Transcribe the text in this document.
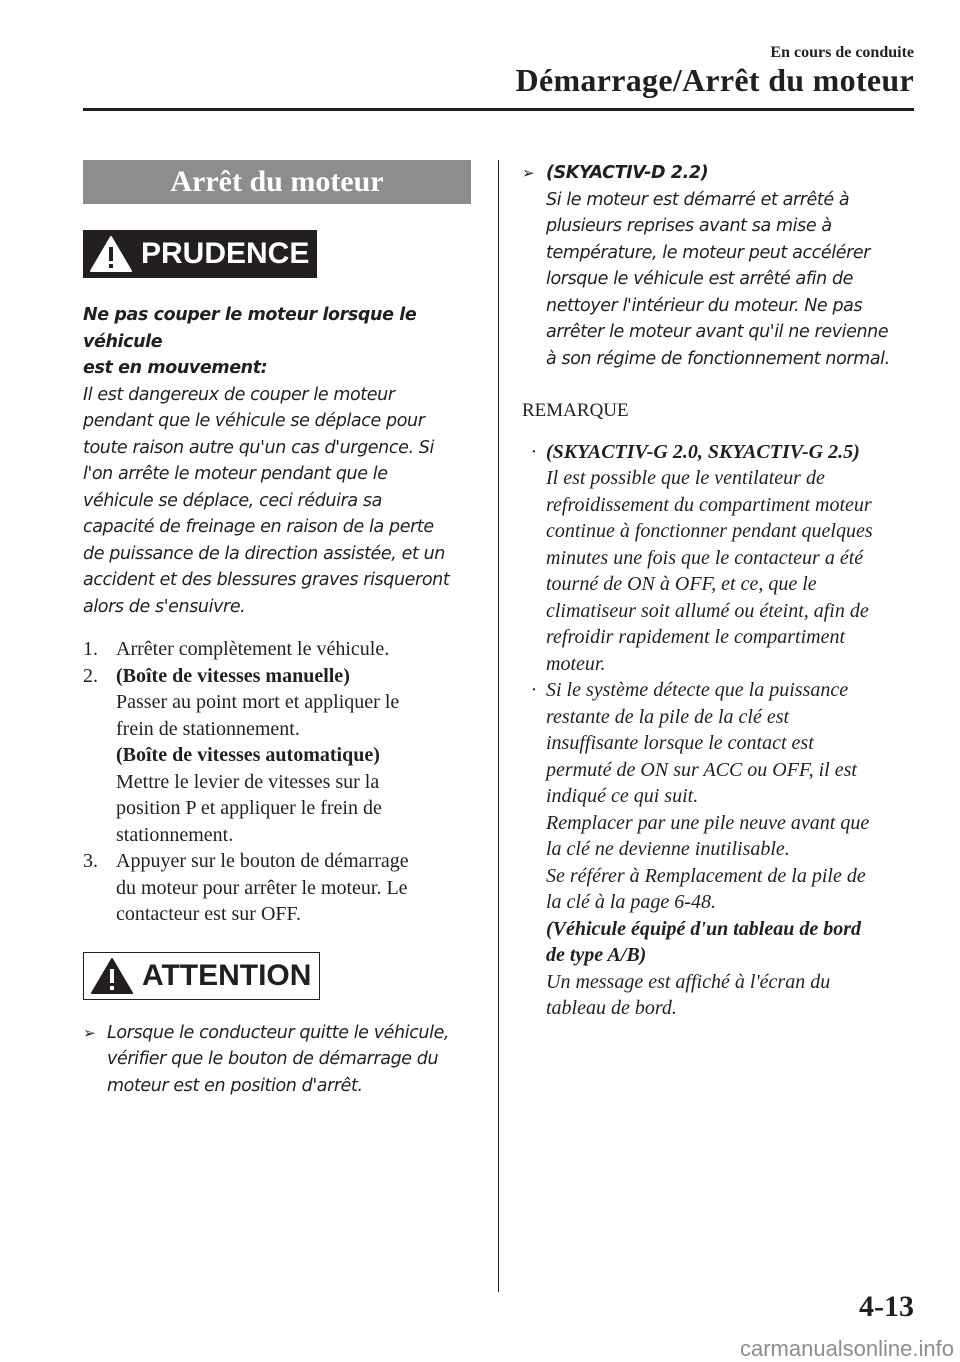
En cours de conduite
Démarrage/Arrêt du moteur
Arrêt du moteur
PRUDENCE
Ne pas couper le moteur lorsque le véhicule
est en mouvement:
Il est dangereux de couper le moteur
pendant que le véhicule se déplace pour
toute raison autre qu'un cas d'urgence. Si
l'on arrête le moteur pendant que le
véhicule se déplace, ceci réduira sa
capacité de freinage en raison de la perte
de puissance de la direction assistée, et un
accident et des blessures graves risqueront
alors de s'ensuivre.
1. Arrêter complètement le véhicule.
2. (Boîte de vitesses manuelle)
Passer au point mort et appliquer le
frein de stationnement.
(Boîte de vitesses automatique)
Mettre le levier de vitesses sur la
position P et appliquer le frein de
stationnement.
3. Appuyer sur le bouton de démarrage
du moteur pour arrêter le moteur. Le
contacteur est sur OFF.
ATTENTION
➢ Lorsque le conducteur quitte le véhicule,
vérifier que le bouton de démarrage du
moteur est en position d'arrêt.
➢ (SKYACTIV-D 2.2)
Si le moteur est démarré et arrêté à
plusieurs reprises avant sa mise à
température, le moteur peut accélérer
lorsque le véhicule est arrêté afin de
nettoyer l'intérieur du moteur. Ne pas
arrêter le moteur avant qu'il ne revienne
à son régime de fonctionnement normal.
REMARQUE
· (SKYACTIV-G 2.0, SKYACTIV-G 2.5)
Il est possible que le ventilateur de
refroidissement du compartiment moteur
continue à fonctionner pendant quelques
minutes une fois que le contacteur a été
tourné de ON à OFF, et ce, que le
climatiseur soit allumé ou éteint, afin de
refroidir rapidement le compartiment
moteur.
· Si le système détecte que la puissance
restante de la pile de la clé est
insuffisante lorsque le contact est
permuté de ON sur ACC ou OFF, il est
indiqué ce qui suit.
Remplacer par une pile neuve avant que
la clé ne devienne inutilisable.
Se référer à Remplacement de la pile de
la clé à la page 6-48.
(Véhicule équipé d'un tableau de bord
de type A/B)
Un message est affiché à l'écran du
tableau de bord.
4-13
carmanualsonline.info
